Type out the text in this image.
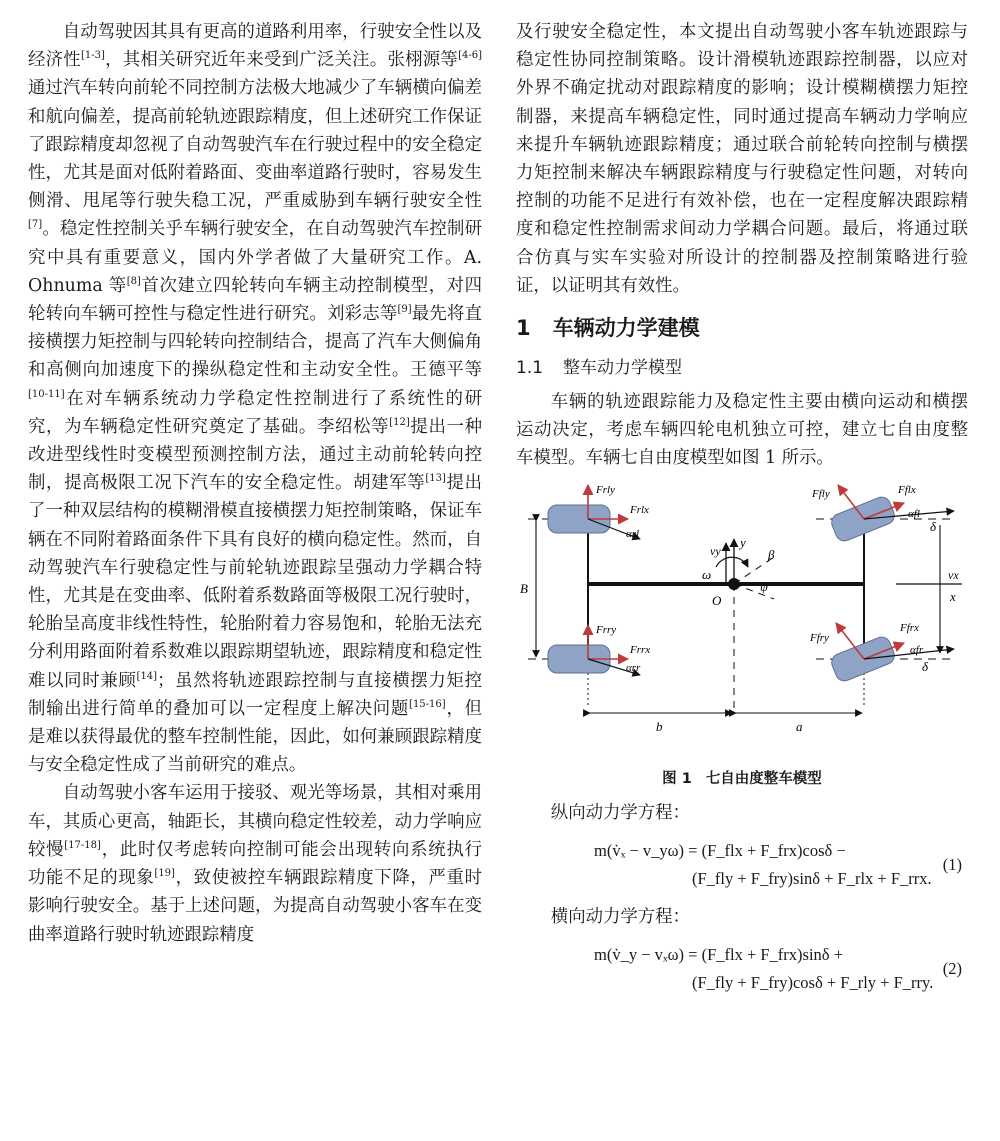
自动驾驶因其具有更高的道路利用率，行驶安全性以及经济性[1-3]，其相关研究近年来受到广泛关注。张栩源等[4-6]通过汽车转向前轮不同控制方法极大地减少了车辆横向偏差和航向偏差，提高前轮轨迹跟踪精度，但上述研究工作保证了跟踪精度却忽视了自动驾驶汽车在行驶过程中的安全稳定性，尤其是面对低附着路面、变曲率道路行驶时，容易发生侧滑、甩尾等行驶失稳工况，严重威胁到车辆行驶安全性[7]。稳定性控制关乎车辆行驶安全，在自动驾驶汽车控制研究中具有重要意义，国内外学者做了大量研究工作。A. Ohnuma 等[8]首次建立四轮转向车辆主动控制模型，对四轮转向车辆可控性与稳定性进行研究。刘彩志等[9]最先将直接横摆力矩控制与四轮转向控制结合，提高了汽车大侧偏角和高侧向加速度下的操纵稳定性和主动安全性。王德平等[10-11]在对车辆系统动力学稳定性控制进行了系统性的研究，为车辆稳定性研究奠定了基础。李绍松等[12]提出一种改进型线性时变模型预测控制方法，通过主动前轮转向控制，提高极限工况下汽车的安全稳定性。胡建军等[13]提出了一种双层结构的模糊滑模直接横摆力矩控制策略，保证车辆在不同附着路面条件下具有良好的横向稳定性。然而，自动驾驶汽车行驶稳定性与前轮轨迹跟踪呈强动力学耦合特性，尤其是在变曲率、低附着系数路面等极限工况行驶时，轮胎呈高度非线性特性，轮胎附着力容易饱和，轮胎无法充分利用路面附着系数难以跟踪期望轨迹，跟踪精度和稳定性难以同时兼顾[14]；虽然将轨迹跟踪控制与直接横摆力矩控制输出进行简单的叠加可以一定程度上解决问题[15-16]，但是难以获得最优的整车控制性能，因此，如何兼顾跟踪精度与安全稳定性成了当前研究的难点。

自动驾驶小客车运用于接驳、观光等场景，其相对乘用车，其质心更高，轴距长，其横向稳定性较差，动力学响应较慢[17-18]，此时仅考虑转向控制可能会出现转向系统执行功能不足的现象[19]，致使被控车辆跟踪精度下降，严重时影响行驶安全。基于上述问题，为提高自动驾驶小客车在变曲率道路行驶时轨迹跟踪精度

及行驶安全稳定性，本文提出自动驾驶小客车轨迹跟踪与稳定性协同控制策略。设计滑模轨迹跟踪控制器，以应对外界不确定扰动对跟踪精度的影响；设计模糊横摆力矩控制器，来提高车辆稳定性，同时通过提高车辆动力学响应来提升车辆轨迹跟踪精度；通过联合前轮转向控制与横摆力矩控制来解决车辆跟踪精度与行驶稳定性问题，对转向控制的功能不足进行有效补偿，也在一定程度解决跟踪精度和稳定性控制需求间动力学耦合问题。最后，将通过联合仿真与实车实验对所设计的控制器及控制策略进行验证，以证明其有效性。

1 车辆动力学建模
1.1 整车动力学模型

车辆的轨迹跟踪能力及稳定性主要由横向运动和横摆运动决定，考虑车辆四轮电机独立可控，建立七自由度整车模型。车辆七自由度模型如图 1 所示。

Frly
Frlx
αrl
Frry
Frrx
αrr
Ffly	Fflx
αfl
Ffry
Ffrx
αfr
δ
δ
vy
y
vx
x
ω
β
ψ
O
B
b	a
图 1 七自由度整车模型

纵向动力学方程：

m(v̇ₓ − v_yω) = (F_flx + F_frx)cosδ −
(F_fly + F_fry)sinδ + F_rlx + F_rrx.
(1)

横向动力学方程：

m(v̇_y − vₓω) = (F_flx + F_frx)sinδ +
(F_fly + F_fry)cosδ + F_rly + F_rry.
(2)
